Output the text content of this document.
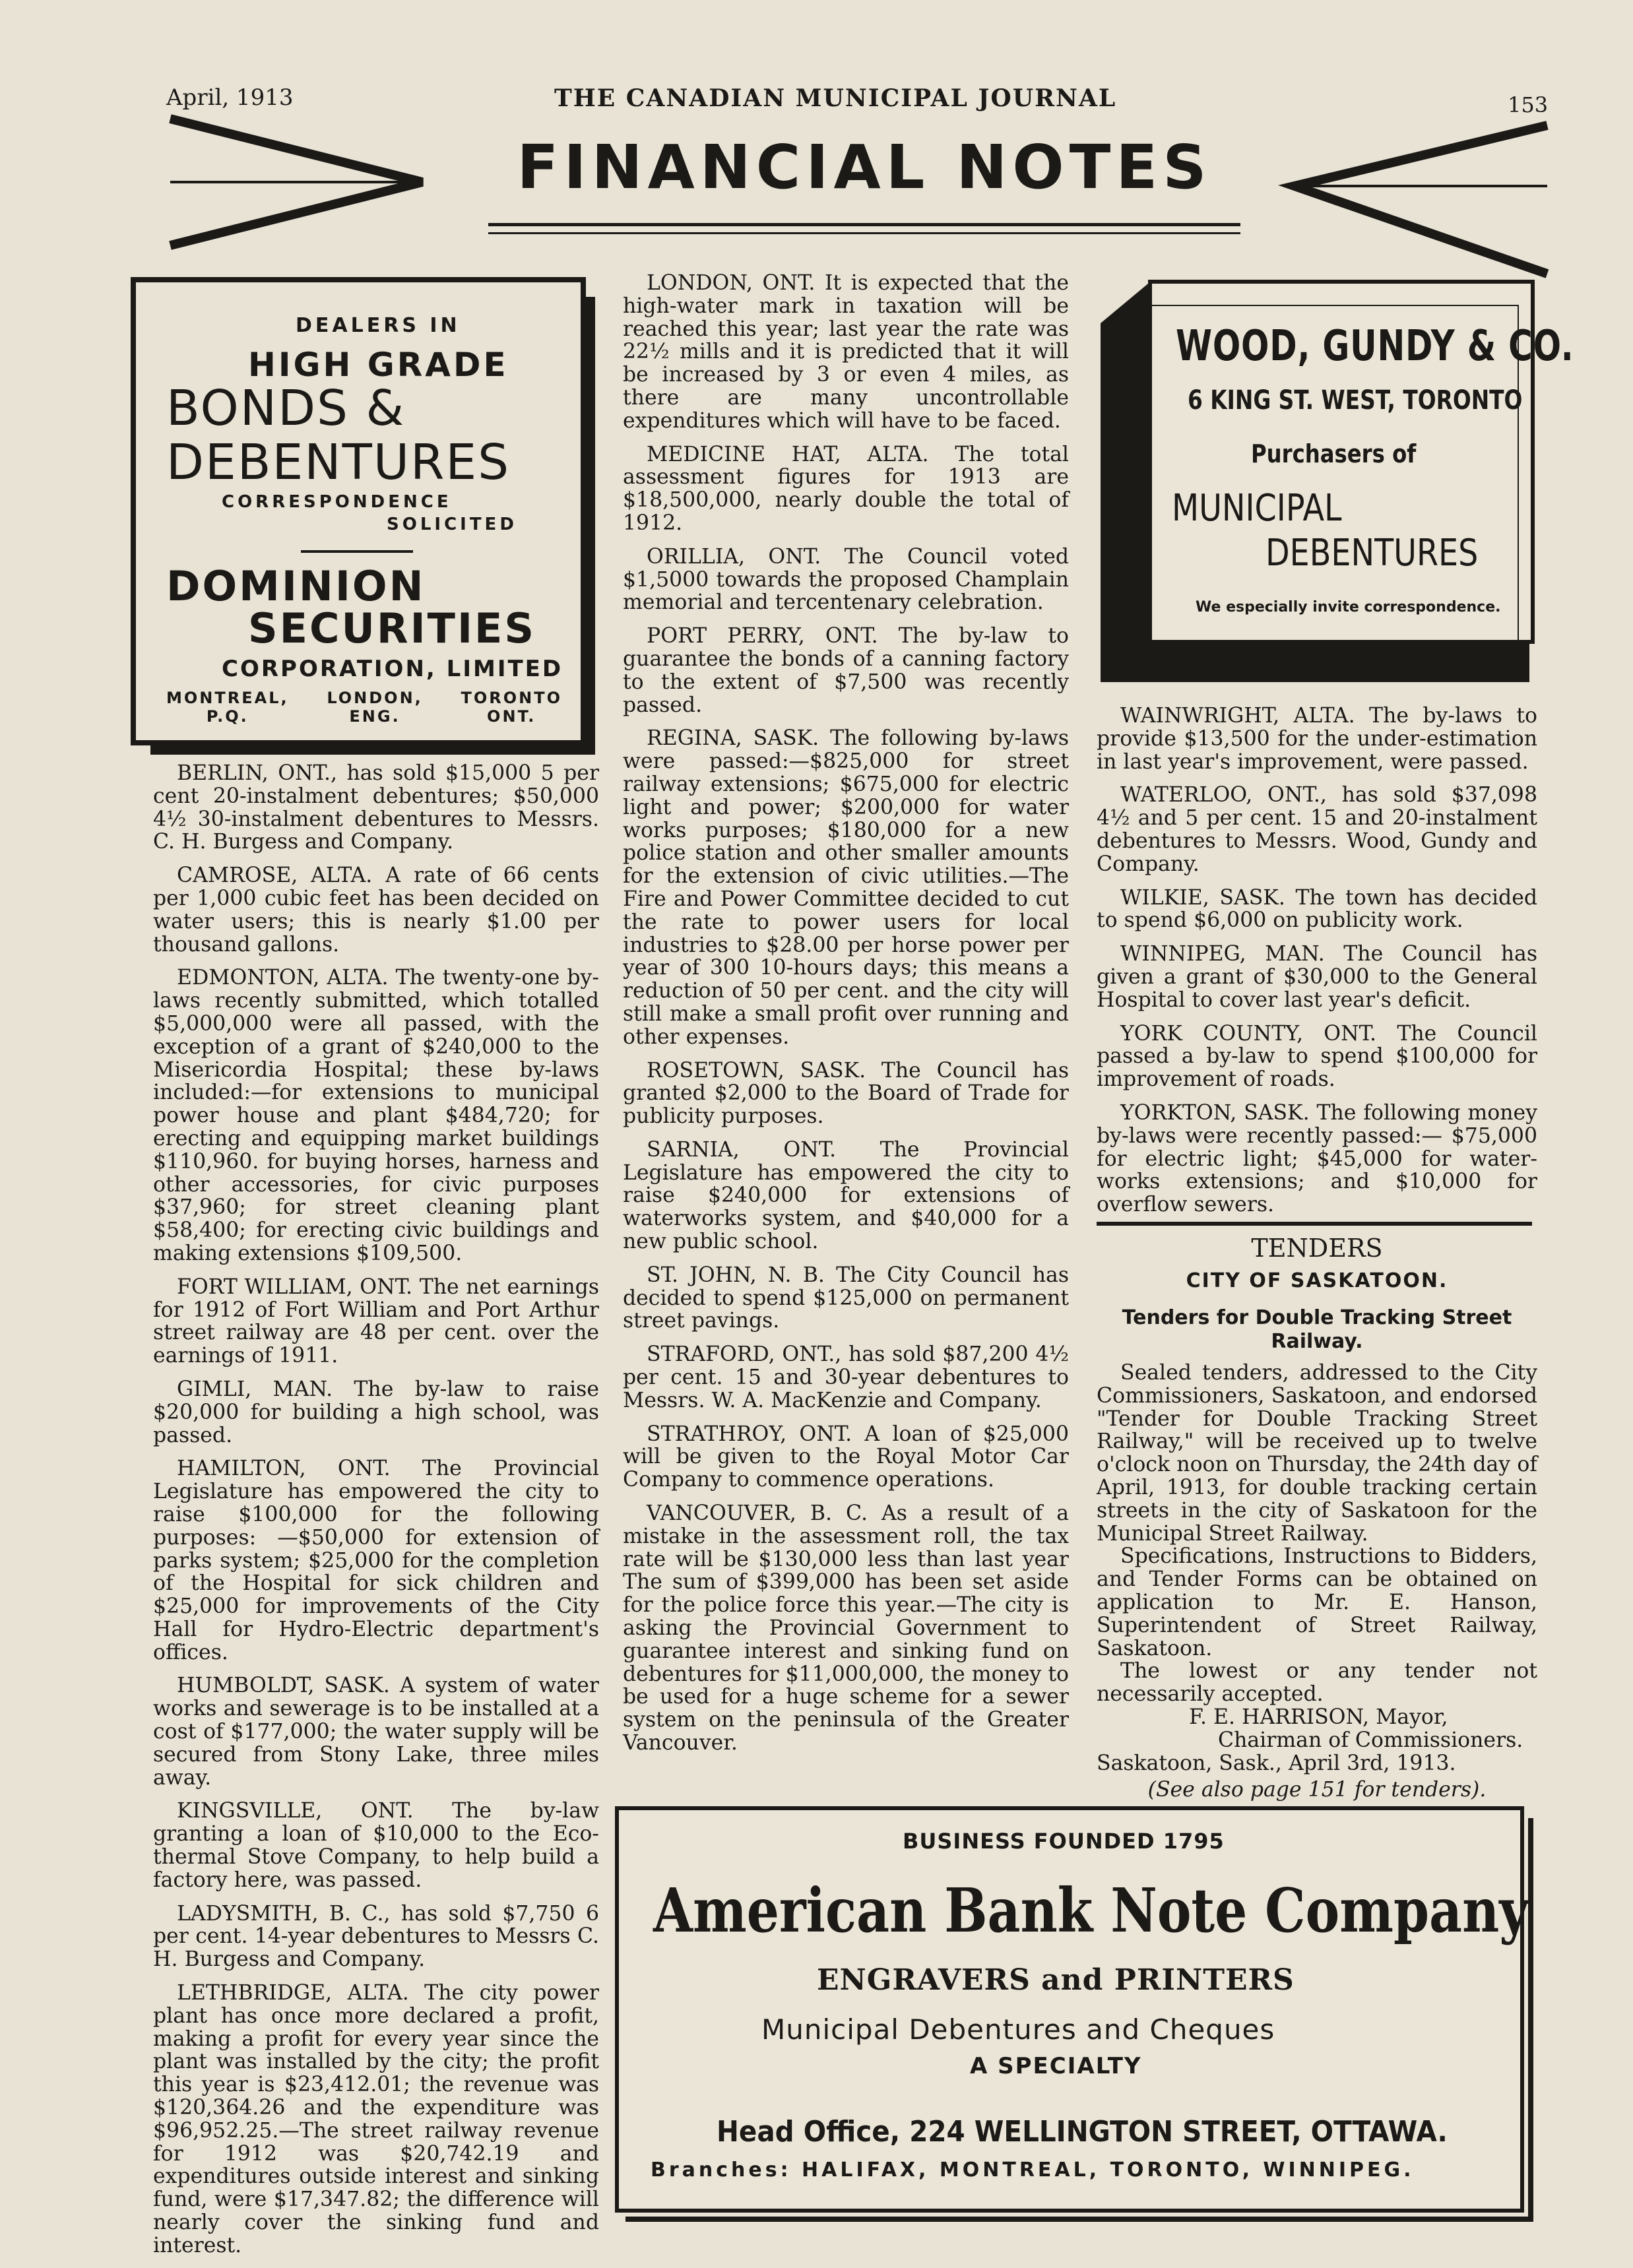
April, 1913	THE CANADIAN MUNICIPAL JOURNAL	153
FINANCIAL NOTES
DEALERS IN
HIGH GRADE
BONDS &
DEBENTURES
CORRESPONDENCE
SOLICITED
DOMINION
SECURITIES
CORPORATION, LIMITED
MONTREAL,
P.Q.
LONDON,
ENG.
TORONTO
ONT.
WOOD, GUNDY & CO.
6 KING ST. WEST, TORONTO
Purchasers of
MUNICIPAL
DEBENTURES
We especially invite correspondence.

BERLIN, ONT., has sold $15,000 5 per cent 20-instalment debentures; $50,000 4½ 30-instalment debentures to Messrs. C. H. Burgess and Company.

CAMROSE, ALTA. A rate of 66 cents per 1,000 cubic feet has been decided on water users; this is nearly $1.00 per thousand gallons.

EDMONTON, ALTA. The twenty-one by-laws recently submitted, which totalled $5,000,000 were all passed, with the exception of a grant of $240,000 to the Misericordia Hospital; these by-laws included:—for extensions to municipal power house and plant $484,720; for erecting and equipping market buildings $110,960. for buying horses, harness and other accessories, for civic purposes $37,960; for street cleaning plant $58,400; for erecting civic buildings and making extensions $109,500.

FORT WILLIAM, ONT. The net earnings for 1912 of Fort William and Port Arthur street railway are 48 per cent. over the earnings of 1911.

GIMLI, MAN. The by-law to raise $20,000 for building a high school, was passed.

HAMILTON, ONT. The Provincial Legislature has empowered the city to raise $100,000 for the following purposes: —$50,000 for extension of parks system; $25,000 for the completion of the Hospital for sick children and $25,000 for improvements of the City Hall for Hydro-Electric department's offices.

HUMBOLDT, SASK. A system of water works and sewerage is to be installed at a cost of $177,000; the water supply will be secured from Stony Lake, three miles away.

KINGSVILLE, ONT. The by-law granting a loan of $10,000 to the Eco-thermal Stove Company, to help build a factory here, was passed.

LADYSMITH, B. C., has sold $7,750 6 per cent. 14-year debentures to Messrs C. H. Burgess and Company.

LETHBRIDGE, ALTA. The city power plant has once more declared a profit, making a profit for every year since the plant was installed by the city; the profit this year is $23,412.01; the revenue was $120,364.26 and the expenditure was $96,952.25.—The street railway revenue for 1912 was $20,742.19 and expenditures outside interest and sinking fund, were $17,347.82; the difference will nearly cover the sinking fund and interest.

LONDON, ONT. It is expected that the high-water mark in taxation will be reached this year; last year the rate was 22½ mills and it is predicted that it will be increased by 3 or even 4 miles, as there are many uncontrollable expenditures which will have to be faced.

MEDICINE HAT, ALTA. The total assessment figures for 1913 are $18,500,000, nearly double the total of 1912.

ORILLIA, ONT. The Council voted $1,5000 towards the proposed Champlain memorial and tercentenary celebration.

PORT PERRY, ONT. The by-law to guarantee the bonds of a canning factory to the extent of $7,500 was recently passed.

REGINA, SASK. The following by-laws were passed:—$825,000 for street railway extensions; $675,000 for electric light and power; $200,000 for water works purposes; $180,000 for a new police station and other smaller amounts for the extension of civic utilities.—The Fire and Power Committee decided to cut the rate to power users for local industries to $28.00 per horse power per year of 300 10-hours days; this means a reduction of 50 per cent. and the city will still make a small profit over running and other expenses.

ROSETOWN, SASK. The Council has granted $2,000 to the Board of Trade for publicity purposes.

SARNIA, ONT. The Provincial Legislature has empowered the city to raise $240,000 for extensions of waterworks system, and $40,000 for a new public school.

ST. JOHN, N. B. The City Council has decided to spend $125,000 on permanent street pavings.

STRAFORD, ONT., has sold $87,200 4½ per cent. 15 and 30-year debentures to Messrs. W. A. MacKenzie and Company.

STRATHROY, ONT. A loan of $25,000 will be given to the Royal Motor Car Company to commence operations.

VANCOUVER, B. C. As a result of a mistake in the assessment roll, the tax rate will be $130,000 less than last year The sum of $399,000 has been set aside for the police force this year.—The city is asking the Provincial Government to guarantee interest and sinking fund on debentures for $11,000,000, the money to be used for a huge scheme for a sewer system on the peninsula of the Greater Vancouver.

WAINWRIGHT, ALTA. The by-laws to provide $13,500 for the under-estimation in last year's improvement, were passed.

WATERLOO, ONT., has sold $37,098 4½ and 5 per cent. 15 and 20-instalment debentures to Messrs. Wood, Gundy and Company.

WILKIE, SASK. The town has decided to spend $6,000 on publicity work.

WINNIPEG, MAN. The Council has given a grant of $30,000 to the General Hospital to cover last year's deficit.

YORK COUNTY, ONT. The Council passed a by-law to spend $100,000 for improvement of roads.

YORKTON, SASK. The following money by-laws were recently passed:— $75,000 for electric light; $45,000 for water-works extensions; and $10,000 for overflow sewers.

TENDERS
CITY OF SASKATOON.
Tenders for Double Tracking Street Railway.

Sealed tenders, addressed to the City Commissioners, Saskatoon, and endorsed "Tender for Double Tracking Street Railway," will be received up to twelve o'clock noon on Thursday, the 24th day of April, 1913, for double tracking certain streets in the city of Saskatoon for the Municipal Street Railway.

Specifications, Instructions to Bidders, and Tender Forms can be obtained on application to Mr. E. Hanson, Superintendent of Street Railway, Saskatoon.

The lowest or any tender not necessarily accepted.

F. E. HARRISON, Mayor,

Chairman of Commissioners.

Saskatoon, Sask., April 3rd, 1913.

(See also page 151 for tenders).

BUSINESS FOUNDED 1795
American Bank Note Company
ENGRAVERS and PRINTERS
Municipal Debentures and Cheques
A SPECIALTY
Head Office, 224 WELLINGTON STREET, OTTAWA.
Branches: HALIFAX, MONTREAL, TORONTO, WINNIPEG.
